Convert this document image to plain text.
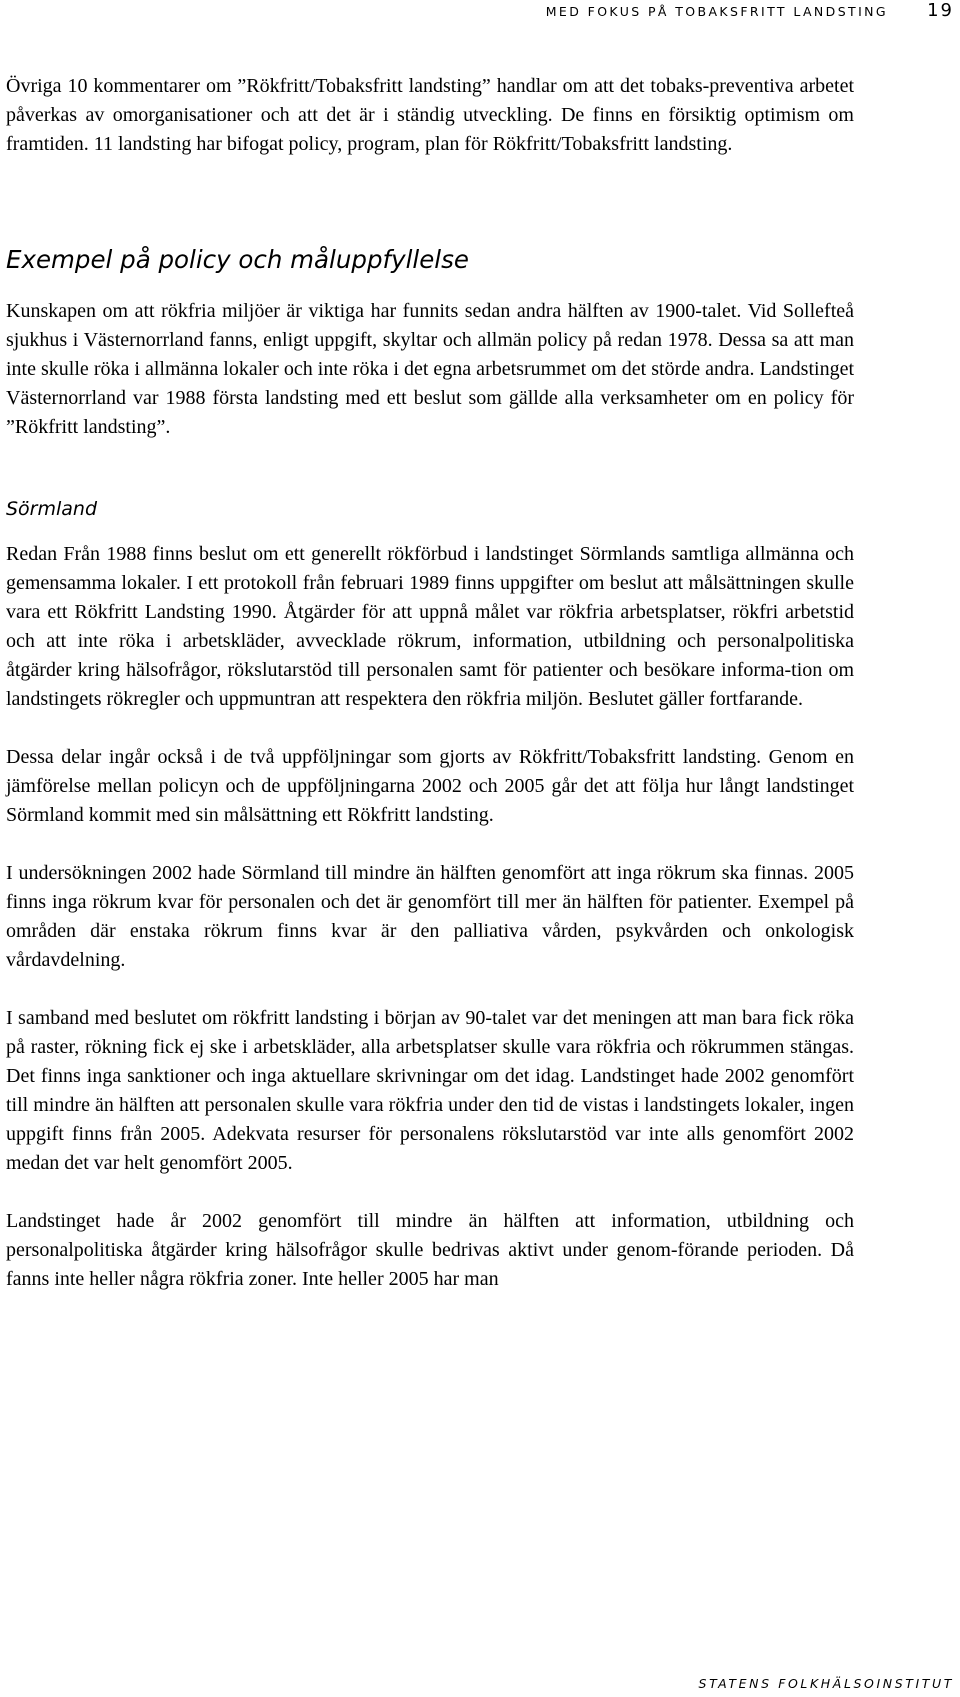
MED FOKUS PÅ TOBAKSFRITT LANDSTING 19

Övriga 10 kommentarer om ”Rökfritt/Tobaksfritt landsting” handlar om att det tobaks-preventiva arbetet påverkas av omorganisationer och att det är i ständig utveckling. De finns en försiktig optimism om framtiden. 11 landsting har bifogat policy, program, plan för Rökfritt/Tobaksfritt landsting.

Exempel på policy och måluppfyllelse

Kunskapen om att rökfria miljöer är viktiga har funnits sedan andra hälften av 1900-talet. Vid Sollefteå sjukhus i Västernorrland fanns, enligt uppgift, skyltar och allmän policy på redan 1978. Dessa sa att man inte skulle röka i allmänna lokaler och inte röka i det egna arbetsrummet om det störde andra. Landstinget Västernorrland var 1988 första landsting med ett beslut som gällde alla verksamheter om en policy för ”Rökfritt landsting”.

Sörmland

Redan Från 1988 finns beslut om ett generellt rökförbud i landstinget Sörmlands samtliga allmänna och gemensamma lokaler. I ett protokoll från februari 1989 finns uppgifter om beslut att målsättningen skulle vara ett Rökfritt Landsting 1990. Åtgärder för att uppnå målet var rökfria arbetsplatser, rökfri arbetstid och att inte röka i arbetskläder, avvecklade rökrum, information, utbildning och personalpolitiska åtgärder kring hälsofrågor, rökslutarstöd till personalen samt för patienter och besökare informa-tion om landstingets rökregler och uppmuntran att respektera den rökfria miljön. Beslutet gäller fortfarande.

Dessa delar ingår också i de två uppföljningar som gjorts av Rökfritt/Tobaksfritt landsting. Genom en jämförelse mellan policyn och de uppföljningarna 2002 och 2005 går det att följa hur långt landstinget Sörmland kommit med sin målsättning ett Rökfritt landsting.

I undersökningen 2002 hade Sörmland till mindre än hälften genomfört att inga rökrum ska finnas. 2005 finns inga rökrum kvar för personalen och det är genomfört till mer än hälften för patienter. Exempel på områden där enstaka rökrum finns kvar är den palliativa vården, psykvården och onkologisk vårdavdelning.

I samband med beslutet om rökfritt landsting i början av 90-talet var det meningen att man bara fick röka på raster, rökning fick ej ske i arbetskläder, alla arbetsplatser skulle vara rökfria och rökrummen stängas. Det finns inga sanktioner och inga aktuellare skrivningar om det idag. Landstinget hade 2002 genomfört till mindre än hälften att personalen skulle vara rökfria under den tid de vistas i landstingets lokaler, ingen uppgift finns från 2005. Adekvata resurser för personalens rökslutarstöd var inte alls genomfört 2002 medan det var helt genomfört 2005.

Landstinget hade år 2002 genomfört till mindre än hälften att information, utbildning och personalpolitiska åtgärder kring hälsofrågor skulle bedrivas aktivt under genom-förande perioden. Då fanns inte heller några rökfria zoner. Inte heller 2005 har man

STATENS FOLKHÄLSOINSTITUT
